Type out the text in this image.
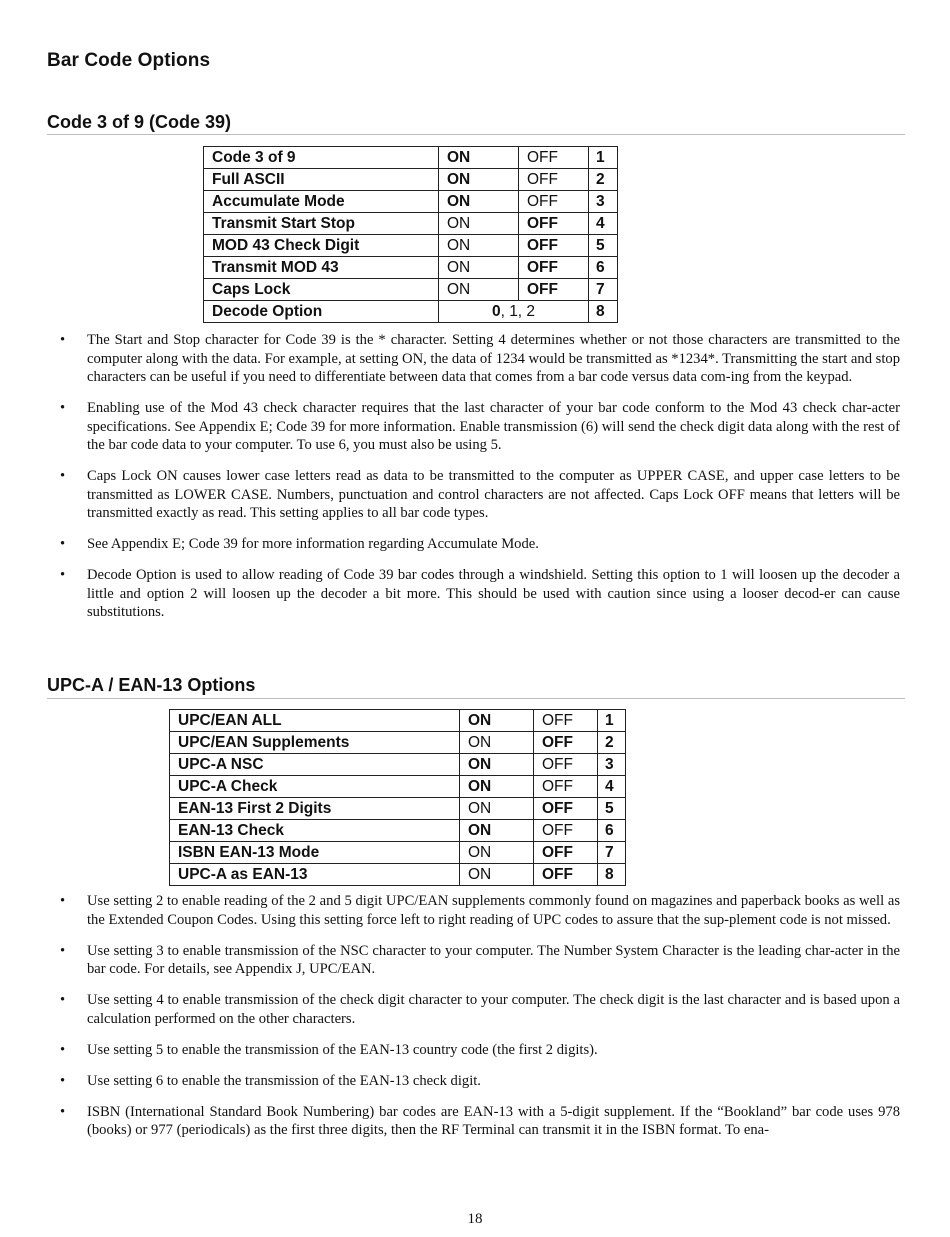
Bar Code Options
Code 3 of 9 (Code 39)
Code 3 of 9	ON	OFF	1
Full ASCII	ON	OFF	2
Accumulate Mode	ON	OFF	3
Transmit Start Stop	ON	OFF	4
MOD 43 Check Digit	ON	OFF	5
Transmit MOD 43	ON	OFF	6
Caps Lock	ON	OFF	7
Decode Option	0, 1, 2		8
• The Start and Stop character for Code 39 is the * character. Setting 4 determines whether or not those characters are transmitted to the computer along with the data. For example, at setting ON, the data of 1234 would be transmitted as *1234*. Transmitting the start and stop characters can be useful if you need to differentiate between data that comes from a bar code versus data com-ing from the keypad.
• Enabling use of the Mod 43 check character requires that the last character of your bar code conform to the Mod 43 check char-acter specifications. See Appendix E; Code 39 for more information. Enable transmission (6) will send the check digit data along with the rest of the bar code data to your computer. To use 6, you must also be using 5.
• Caps Lock ON causes lower case letters read as data to be transmitted to the computer as UPPER CASE, and upper case letters to be transmitted as LOWER CASE. Numbers, punctuation and control characters are not affected. Caps Lock OFF means that letters will be transmitted exactly as read. This setting applies to all bar code types.
• See Appendix E; Code 39 for more information regarding Accumulate Mode.
• Decode Option is used to allow reading of Code 39 bar codes through a windshield. Setting this option to 1 will loosen up the decoder a little and option 2 will loosen up the decoder a bit more. This should be used with caution since using a looser decod-er can cause substitutions.
UPC-A / EAN-13 Options
UPC/EAN ALL	ON	OFF	1
UPC/EAN Supplements	ON	OFF	2
UPC-A NSC	ON	OFF	3
UPC-A Check	ON	OFF	4
EAN-13 First 2 Digits	ON	OFF	5
EAN-13 Check	ON	OFF	6
ISBN EAN-13 Mode	ON	OFF	7
UPC-A as EAN-13	ON	OFF	8
• Use setting 2 to enable reading of the 2 and 5 digit UPC/EAN supplements commonly found on magazines and paperback books as well as the Extended Coupon Codes. Using this setting force left to right reading of UPC codes to assure that the sup-plement code is not missed.
• Use setting 3 to enable transmission of the NSC character to your computer. The Number System Character is the leading char-acter in the bar code. For details, see Appendix J, UPC/EAN.
• Use setting 4 to enable transmission of the check digit character to your computer. The check digit is the last character and is based upon a calculation performed on the other characters.
• Use setting 5 to enable the transmission of the EAN-13 country code (the first 2 digits).
• Use setting 6 to enable the transmission of the EAN-13 check digit.
• ISBN (International Standard Book Numbering) bar codes are EAN-13 with a 5-digit supplement. If the “Bookland” bar code uses 978 (books) or 977 (periodicals) as the first three digits, then the RF Terminal can transmit it in the ISBN format. To ena-
18
